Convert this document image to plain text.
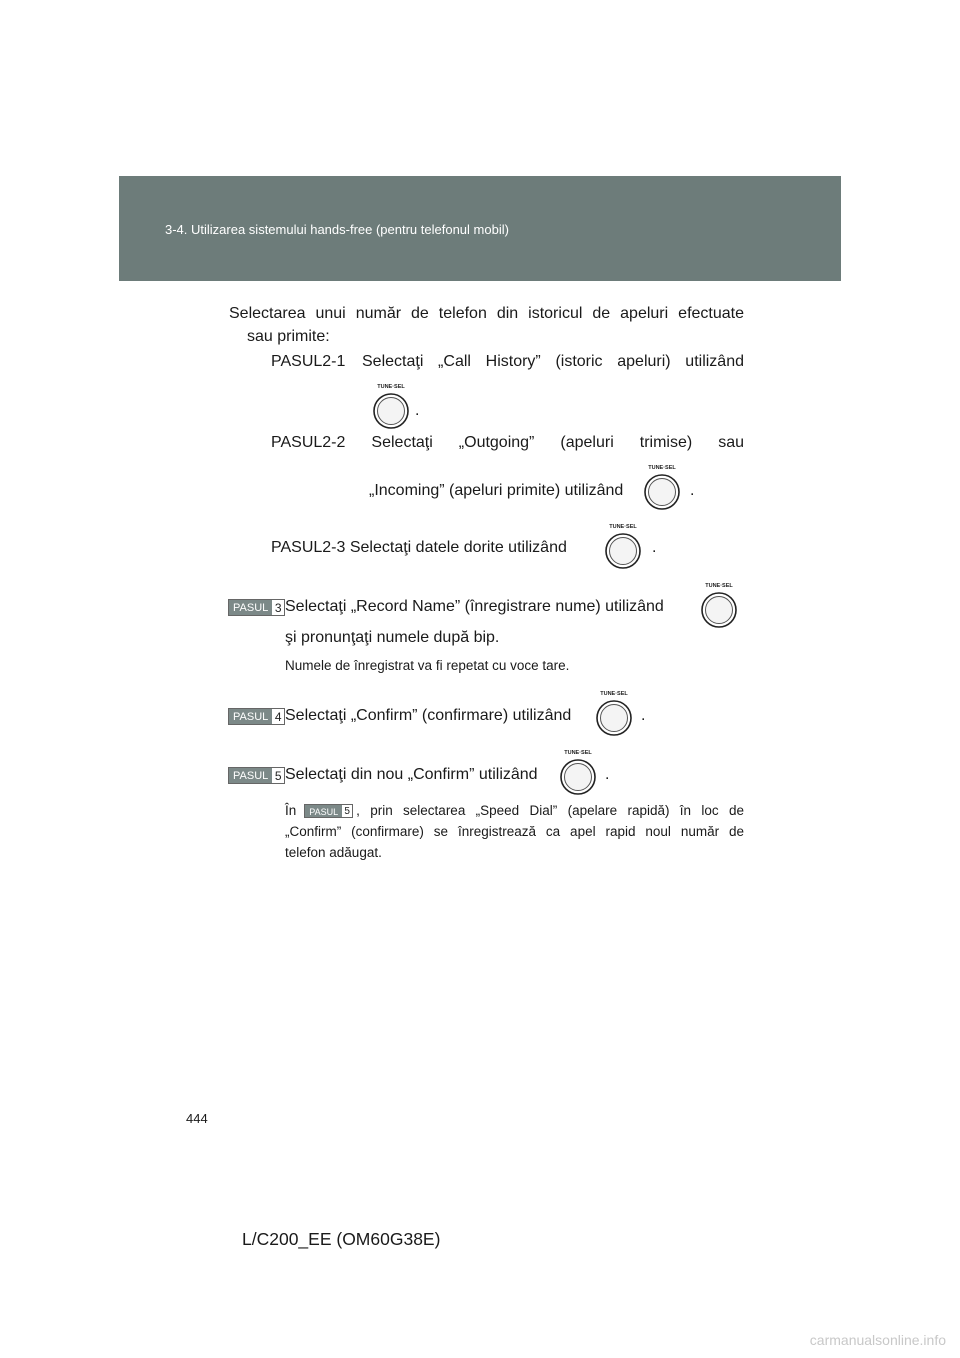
3-4. Utilizarea sistemului hands-free (pentru telefonul mobil)
Selectarea unui număr de telefon din istoricul de apeluri efectuate
sau primite:
PASUL2-1 Selectaţi „Call History” (istoric apeluri) utilizând
TUNE·SEL
.
PASUL2-2 Selectaţi „Outgoing” (apeluri trimise) sau
„Incoming” (apeluri primite) utilizând
TUNE·SEL
.
PASUL2-3 Selectaţi datele dorite utilizând
TUNE·SEL
.
PASUL 3 Selectaţi „Record Name” (înregistrare nume) utilizând
TUNE·SEL
şi pronunţaţi numele după bip.
Numele de înregistrat va fi repetat cu voce tare.
PASUL 4 Selectaţi „Confirm” (confirmare) utilizând
TUNE·SEL
.
PASUL 5 Selectaţi din nou „Confirm” utilizând
TUNE·SEL
.
În	PASUL 5 , prin selectarea „Speed Dial” (apelare rapidă) în loc de
„Confirm” (confirmare) se înregistrează ca apel rapid noul număr de
telefon adăugat.
444
L/C200_EE (OM60G38E)
carmanualsonline.info
